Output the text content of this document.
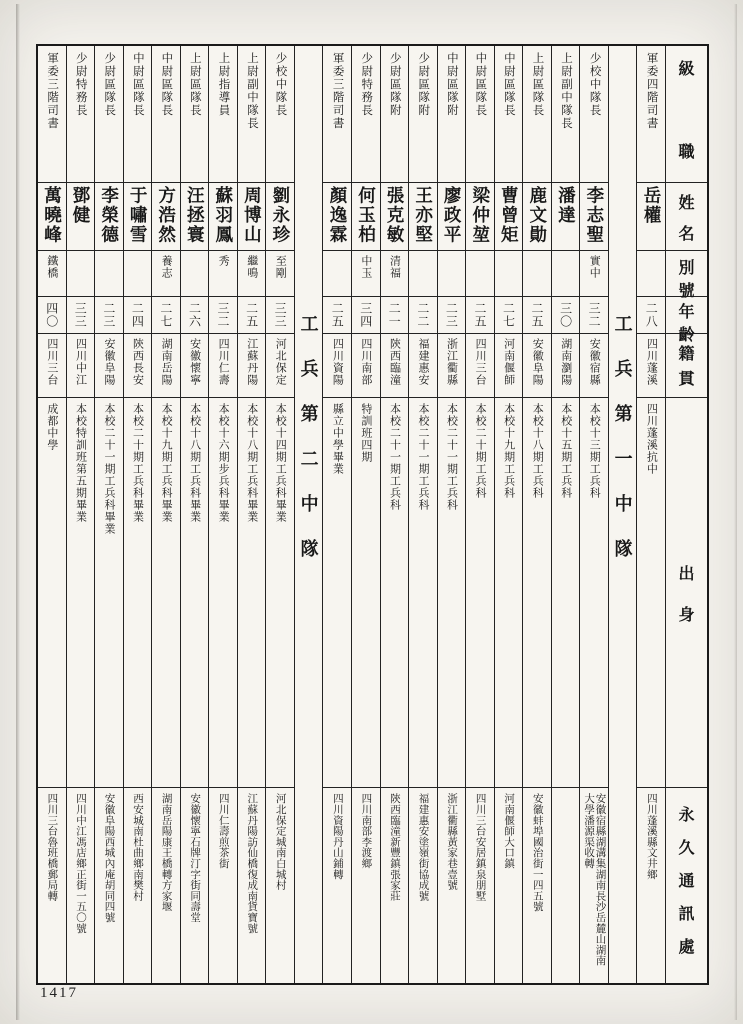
級
職
姓
名
別
號
年
齡
籍
貫
出
身
永
久
通
訊
處
軍委四階司書
岳權
二八
四川蓬溪
四川蓬溪抗中
四川蓬溪縣文井鄉
工兵第一中隊
少校中隊長
李志聖
實中
三二
安徽宿縣
本校十三期工兵科
安徽宿縣湖溝集湖南長沙岳麓山湖南大學潘源渠收轉
上尉副中隊長
潘達
三〇
湖南瀏陽
本校十五期工兵科
上尉區隊長
鹿文勛
二五
安徽阜陽
本校十八期工兵科
安徽蚌埠國治街一四五號
中尉區隊長
曹曾矩
二七
河南偃師
本校十九期工兵科
河南偃師大口鎮
中尉區隊長
梁仲堃
二五
四川三台
本校二十期工兵科
四川三台安居鎮泉朋墅
中尉區隊附
廖政平
二三
浙江衢縣
本校二十一期工兵科
浙江衢縣黃家巷壹號
少尉區隊附
王亦堅
二二
福建惠安
本校二十一期工兵科
福建惠安塗嶺街協成號
少尉區隊附
張克敏
清福
二一
陝西臨潼
本校二十一期工兵科
陝西臨潼新豐鎮張家莊
少尉特務長
何玉柏
中玉
三四
四川南部
特訓班四期
四川南部李渡鄉
軍委三階司書
顏逸霖
二五
四川資陽
縣立中學畢業
四川資陽丹山鋪轉
工兵第二中隊
少校中隊長
劉永珍
至剛
三三
河北保定
本校十四期工兵科畢業
河北保定城南白城村
上尉副中隊長
周博山
繼鳴
二五
江蘇丹陽
本校十八期工兵科畢業
江蘇丹陽訪仙橋復成南貨寶號
上尉指導員
蘇羽鳳
秀
三二
四川仁壽
本校十六期步兵科畢業
四川仁壽煎茶街
上尉區隊長
汪拯寰
二六
安徽懷寧
本校十八期工兵科畢業
安徽懷寧石牌汀字街同壽堂
中尉區隊長
方浩然
養志
二七
湖南岳陽
本校十九期工兵科畢業
湖南岳陽康王橋轉方家堰
中尉區隊長
于嘯雪
二四
陝西長安
本校二十期工兵科畢業
西安城南杜曲鄉南樊村
少尉區隊長
李榮德
二三
安徽阜陽
本校二十一期工兵科畢業
安徽阜陽西城內庵胡同四號
少尉特務長
鄧健
三三
四川中江
本校特訓班第五期畢業
四川中江馮店鄉正街一五〇號
軍委三階司書
萬曉峰
鐵橋
四〇
四川三台
成都中學
四川三台魯班橋郵局轉
1417
